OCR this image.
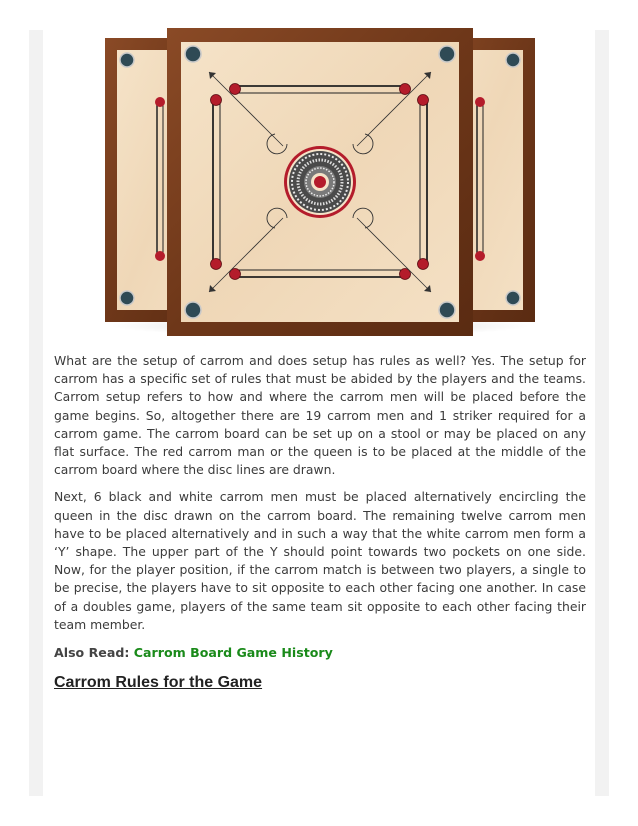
What are the setup of carrom and does setup has rules as well? Yes. The setup for carrom has a specific set of rules that must be abided by the players and the teams. Carrom setup refers to how and where the carrom men will be placed before the game begins. So, altogether there are 19 carrom men and 1 striker required for a carrom game. The carrom board can be set up on a stool or may be placed on any flat surface. The red carrom man or the queen is to be placed at the middle of the carrom board where the disc lines are drawn.

Next, 6 black and white carrom men must be placed alternatively encircling the queen in the disc drawn on the carrom board. The remaining twelve carrom men have to be placed alternatively and in such a way that the white carrom men form a ‘Y’ shape. The upper part of the Y should point towards two pockets on one side. Now, for the player position, if the carrom match is between two players, a single to be precise, the players have to sit opposite to each other facing one another. In case of a doubles game, players of the same team sit opposite to each other facing their team member.

Also Read: Carrom Board Game History
Carrom Rules for the Game
